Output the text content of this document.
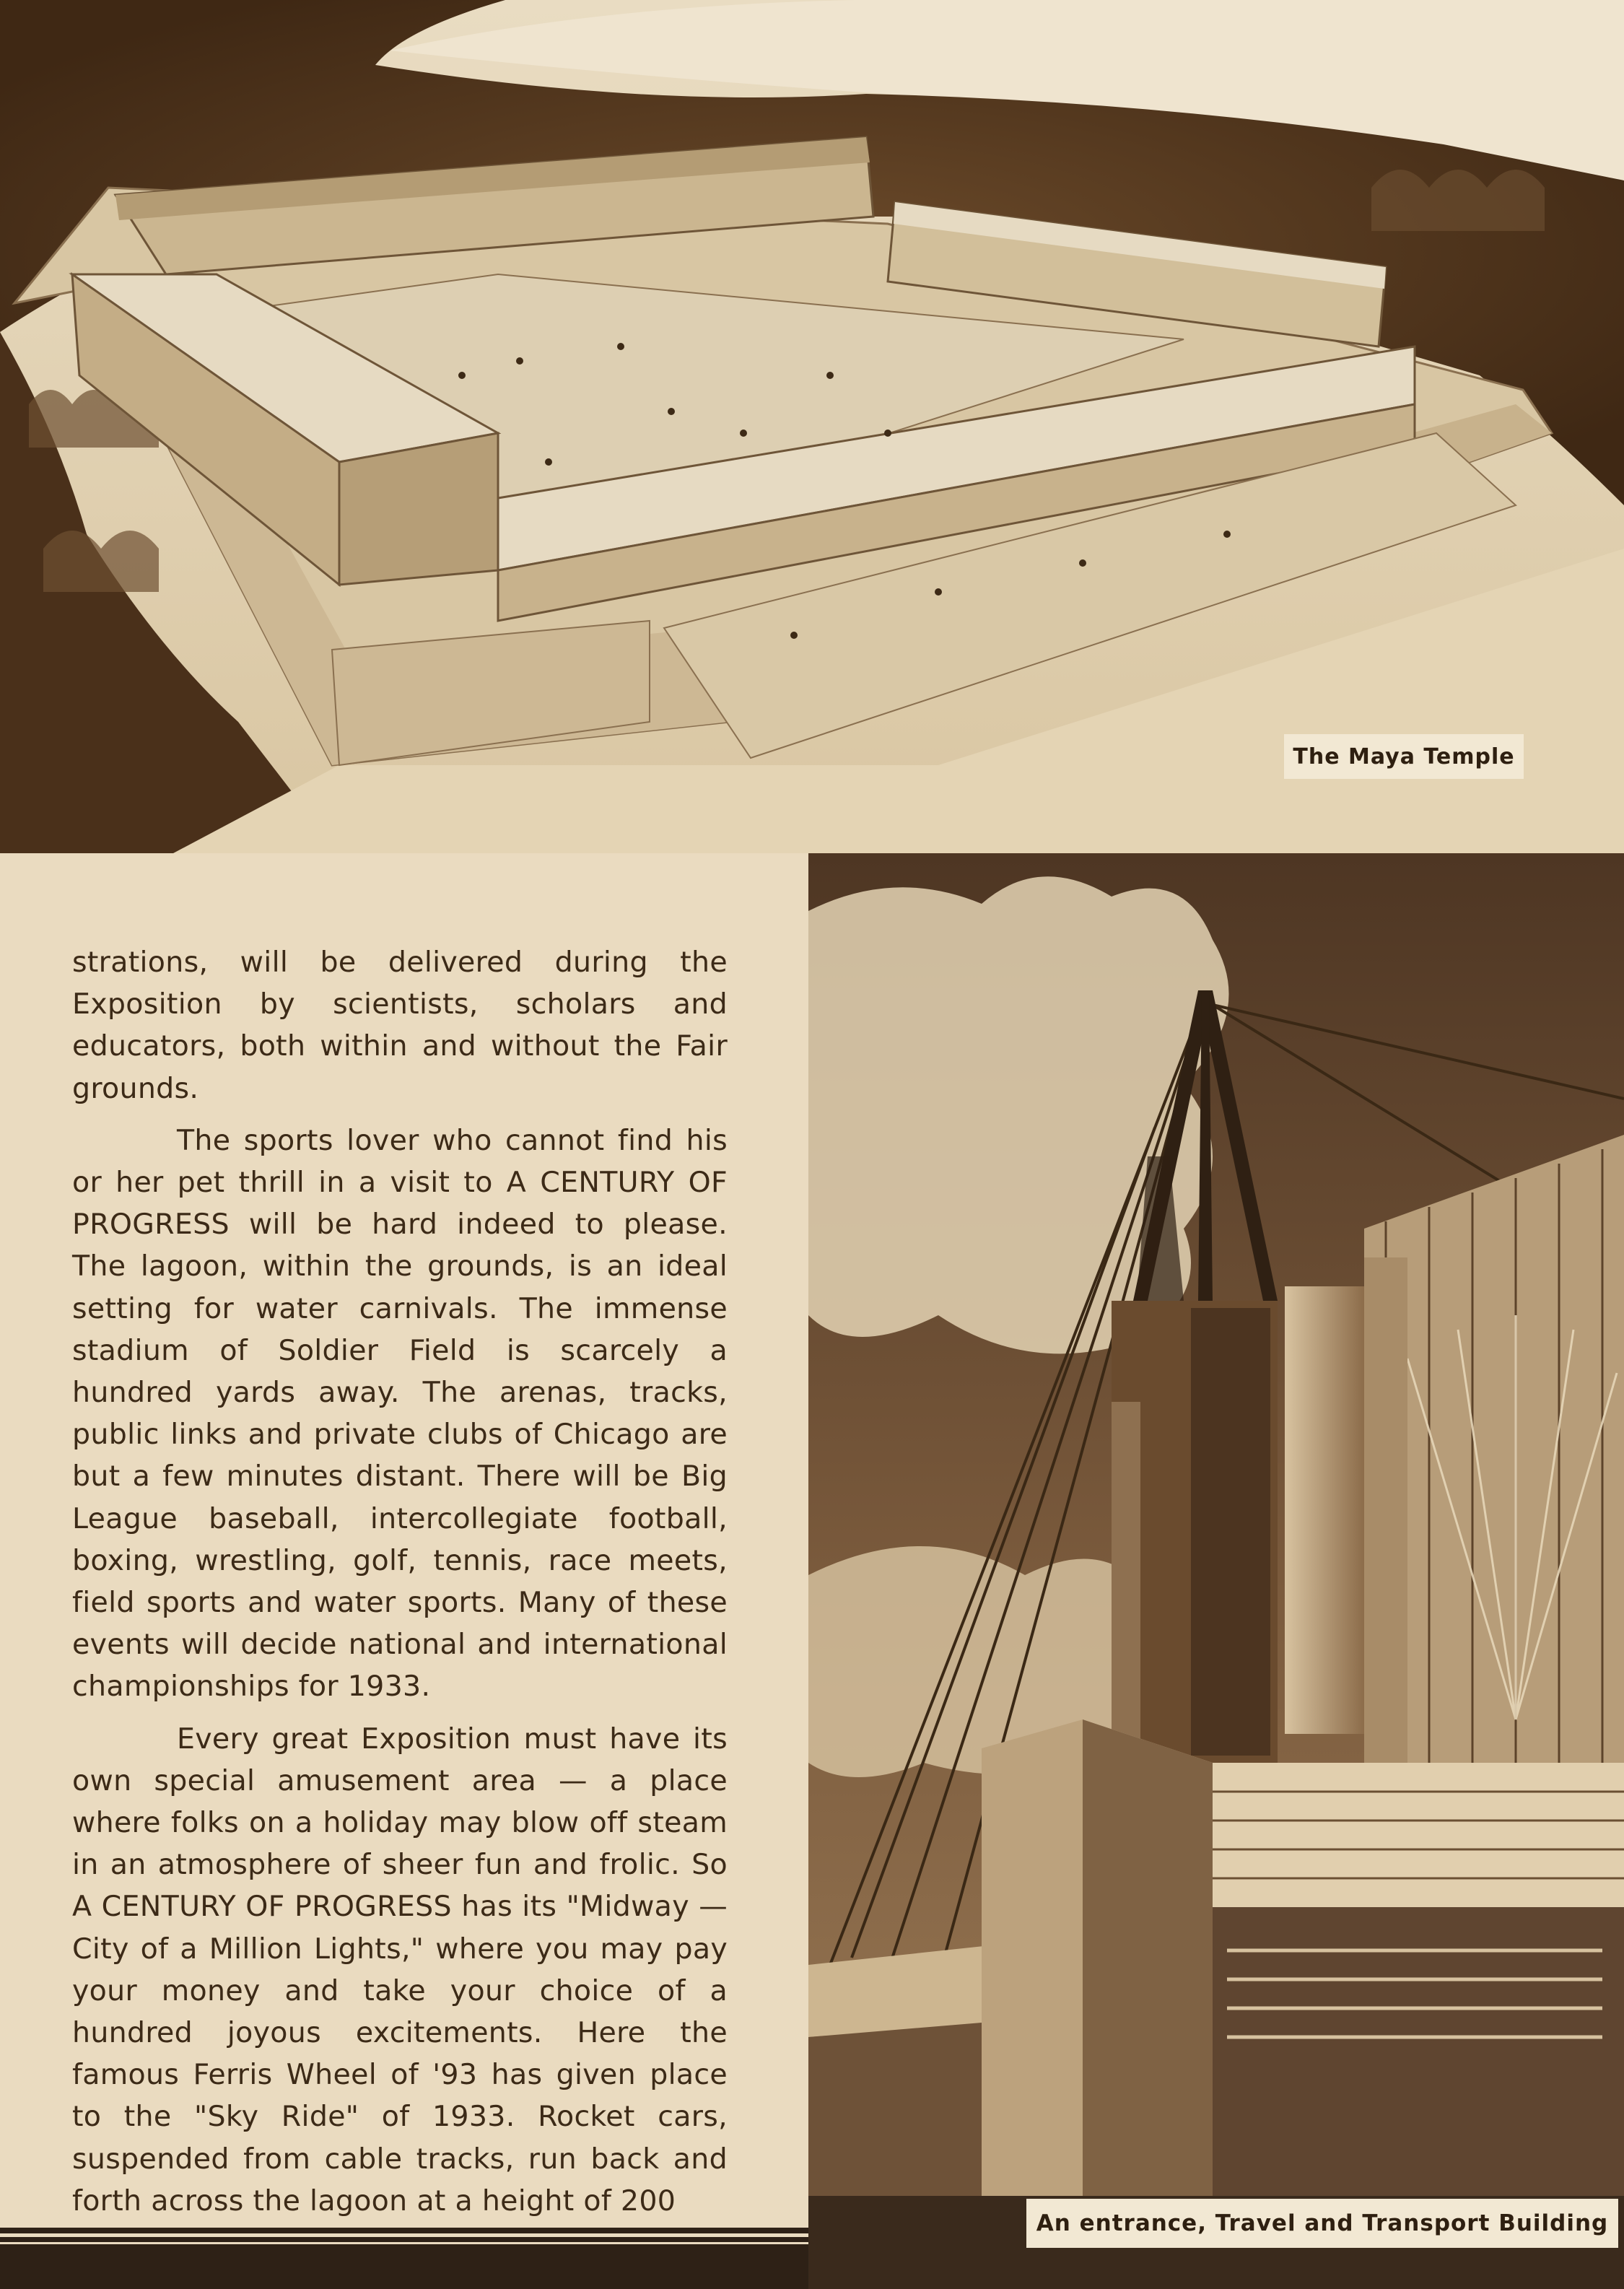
The Maya Temple

strations, will be delivered during the Exposition by scientists, scholars and educators, both within and without the Fair grounds.

The sports lover who cannot find his or her pet thrill in a visit to A CENTURY OF PROGRESS will be hard indeed to please. The lagoon, within the grounds, is an ideal setting for water carnivals. The immense stadium of Soldier Field is scarcely a hundred yards away. The arenas, tracks, public links and private clubs of Chicago are but a few minutes distant. There will be Big League baseball, intercollegiate football, boxing, wrestling, golf, tennis, race meets, field sports and water sports. Many of these events will decide national and international championships for 1933.

Every great Exposition must have its own special amusement area — a place where folks on a holiday may blow off steam in an atmosphere of sheer fun and frolic. So A CENTURY OF PROGRESS has its "Midway — City of a Million Lights," where you may pay your money and take your choice of a hundred joyous excitements. Here the famous Ferris Wheel of '93 has given place to the "Sky Ride" of 1933. Rocket cars, suspended from cable tracks, run back and forth across the lagoon at a height of 200

An entrance, Travel and Transport Building
